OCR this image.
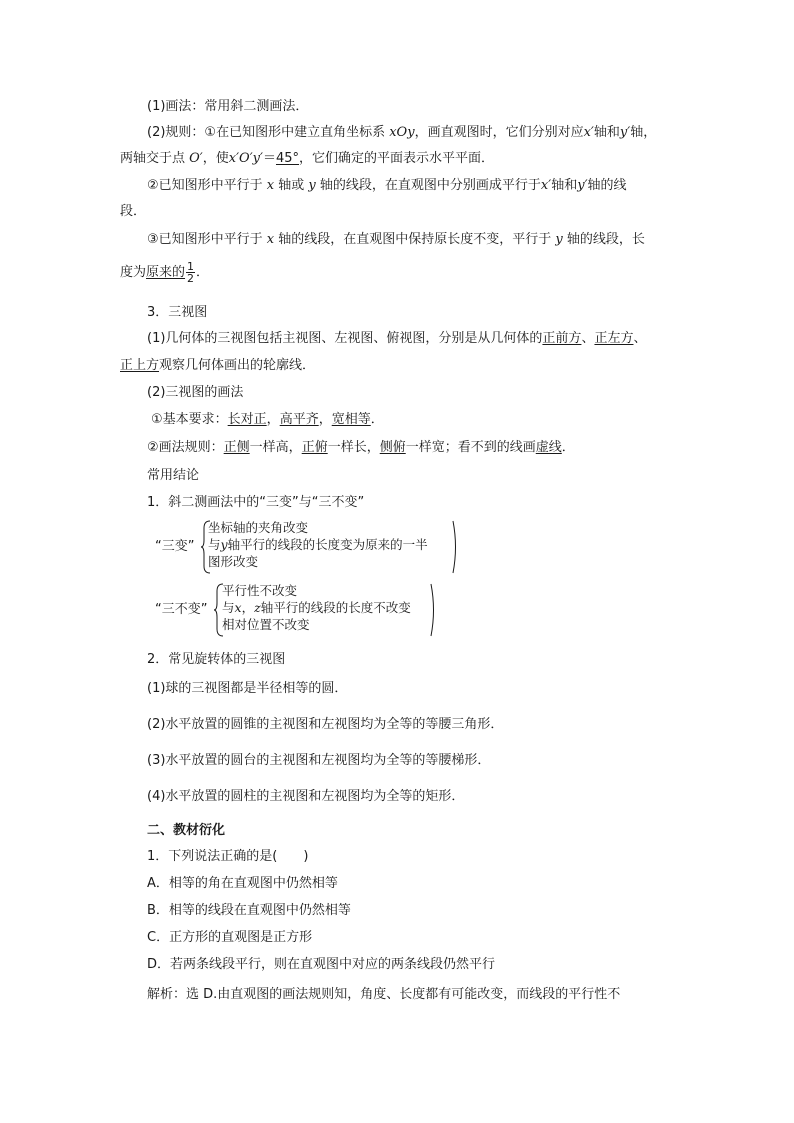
(1)画法：常用斜二测画法．
(2)规则：①在已知图形中建立直角坐标系 xOy，画直观图时，它们分别对应x′轴和y′轴，
两轴交于点 O′，使x′O′y′＝45°，它们确定的平面表示水平平面．
②已知图形中平行于 x 轴或 y 轴的线段，在直观图中分别画成平行于x′轴和y′轴的线
段．
③已知图形中平行于 x 轴的线段，在直观图中保持原长度不变，平行于 y 轴的线段，长
度为原来的 $\frac{1}{2}$ ．
3．三视图
(1)几何体的三视图包括主视图、左视图、俯视图，分别是从几何体的正前方、正左方、
正上方观察几何体画出的轮廓线．
(2)三视图的画法
①基本要求：长对正，高平齐，宽相等．
②画法规则：正侧一样高，正俯一样长，侧俯一样宽；看不到的线画虚线．
常用结论
1．斜二测画法中的“三变”与“三不变”
“三变”
坐标轴的夹角改变
与y轴平行的线段的长度变为原来的一半
图形改变
“三不变”
平行性不改变
与x，z轴平行的线段的长度不改变
相对位置不改变
2．常见旋转体的三视图
(1)球的三视图都是半径相等的圆．
(2)水平放置的圆锥的主视图和左视图均为全等的等腰三角形．
(3)水平放置的圆台的主视图和左视图均为全等的等腰梯形．
(4)水平放置的圆柱的主视图和左视图均为全等的矩形．
二、教材衍化
1．下列说法正确的是(　　)
A．相等的角在直观图中仍然相等
B．相等的线段在直观图中仍然相等
C．正方形的直观图是正方形
D．若两条线段平行，则在直观图中对应的两条线段仍然平行
解析：选 D.由直观图的画法规则知，角度、长度都有可能改变，而线段的平行性不
